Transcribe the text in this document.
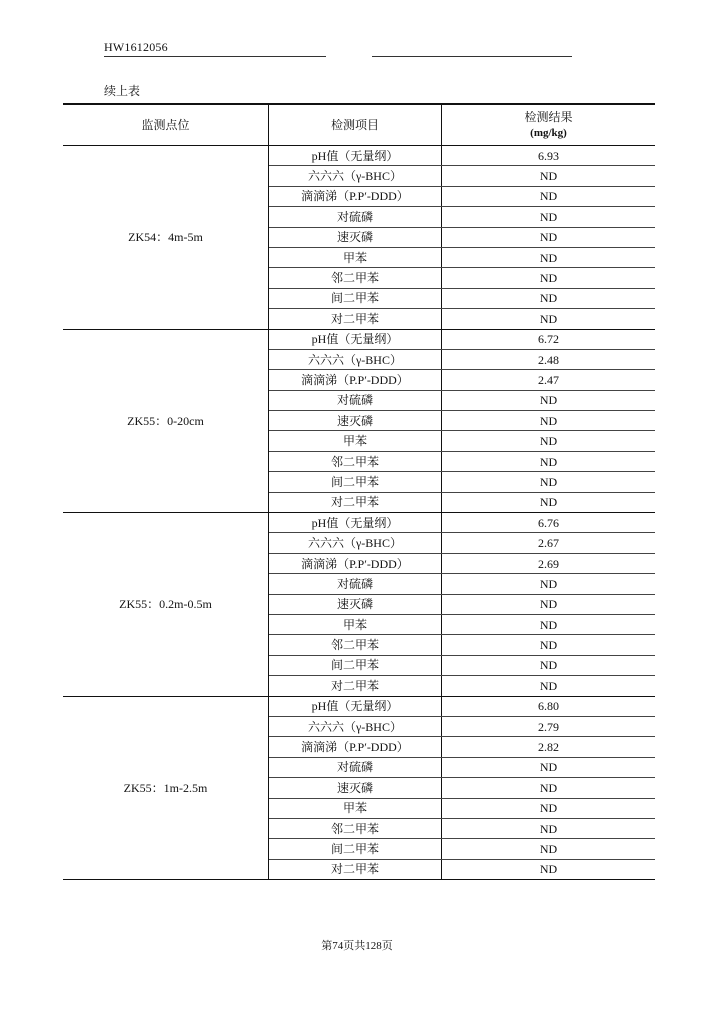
HW1612056
续上表
监测点位	检测项目	检测结果
(mg/kg)

ZK54：4m-5m	pH值（无量纲）	6.93
	六六六（γ-BHC）	ND
	滴滴涕（P.P′-DDD）	ND
	对硫磷	ND
	速灭磷	ND
	甲苯	ND
	邻二甲苯	ND
	间二甲苯	ND
	对二甲苯	ND
ZK55：0-20cm	pH值（无量纲）	6.72
	六六六（γ-BHC）	2.48
	滴滴涕（P.P′-DDD）	2.47
	对硫磷	ND
	速灭磷	ND
	甲苯	ND
	邻二甲苯	ND
	间二甲苯	ND
	对二甲苯	ND
ZK55：0.2m-0.5m	pH值（无量纲）	6.76
	六六六（γ-BHC）	2.67
	滴滴涕（P.P′-DDD）	2.69
	对硫磷	ND
	速灭磷	ND
	甲苯	ND
	邻二甲苯	ND
	间二甲苯	ND
	对二甲苯	ND
ZK55：1m-2.5m	pH值（无量纲）	6.80
	六六六（γ-BHC）	2.79
	滴滴涕（P.P′-DDD）	2.82
	对硫磷	ND
	速灭磷	ND
	甲苯	ND
	邻二甲苯	ND
	间二甲苯	ND
	对二甲苯	ND
第74页共128页
